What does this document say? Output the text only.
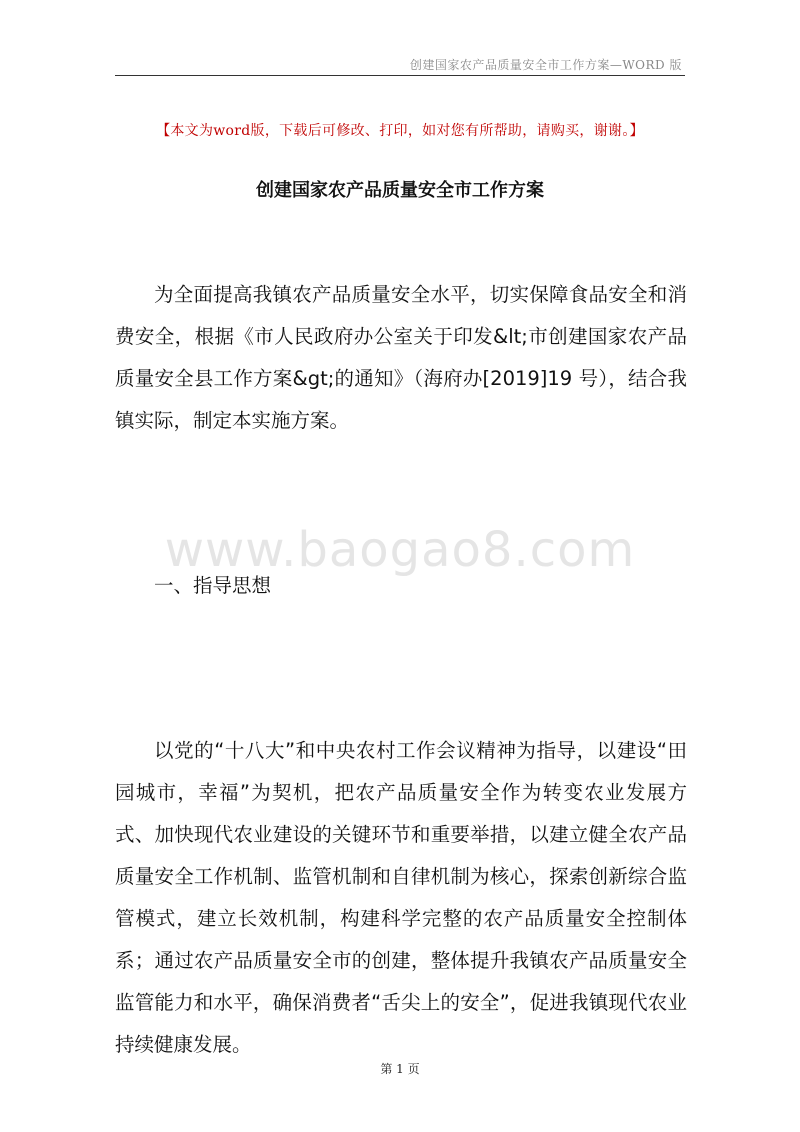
创建国家农产品质量安全市工作方案—WORD 版
【本文为word版，下载后可修改、打印，如对您有所帮助，请购买，谢谢。】
创建国家农产品质量安全市工作方案

为全面提高我镇农产品质量安全水平，切实保障食品安全和消费安全，根据《市人民政府办公室关于印发&lt;市创建国家农产品质量安全县工作方案&gt;的通知》（海府办[2019]19 号），结合我镇实际，制定本实施方案。

www.baogao8.com

一、指导思想

以党的“十八大”和中央农村工作会议精神为指导，以建设“田园城市，幸福”为契机，把农产品质量安全作为转变农业发展方式、加快现代农业建设的关键环节和重要举措，以建立健全农产品质量安全工作机制、监管机制和自律机制为核心，探索创新综合监管模式，建立长效机制，构建科学完整的农产品质量安全控制体系；通过农产品质量安全市的创建，整体提升我镇农产品质量安全监管能力和水平，确保消费者“舌尖上的安全”，促进我镇现代农业持续健康发展。

第 1 页
